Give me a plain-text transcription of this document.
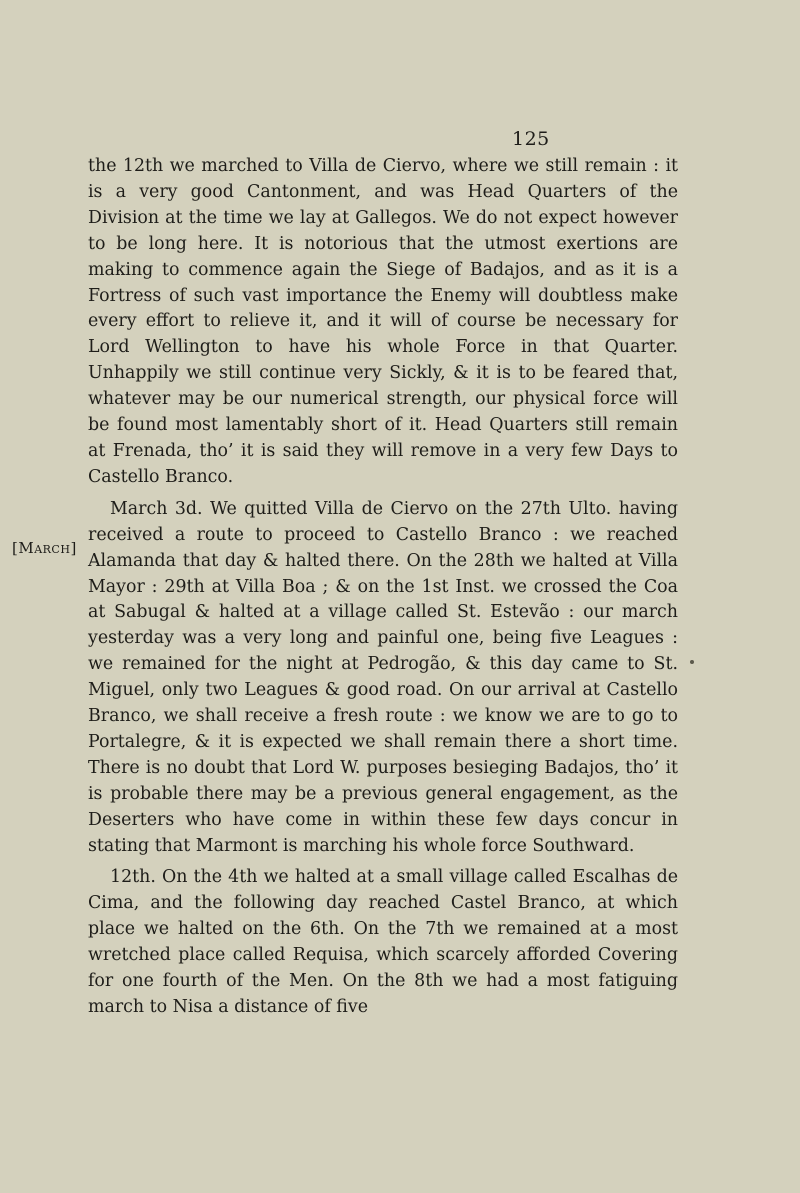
125
[March]

the 12th we marched to Villa de Ciervo, where we still remain : it is a very good Cantonment, and was Head Quarters of the Division at the time we lay at Gallegos. We do not expect however to be long here. It is notorious that the utmost exertions are making to commence again the Siege of Badajos, and as it is a Fortress of such vast importance the Enemy will doubtless make every effort to relieve it, and it will of course be necessary for Lord Wellington to have his whole Force in that Quarter. Unhappily we still continue very Sickly, & it is to be feared that, whatever may be our numerical strength, our physical force will be found most lamentably short of it. Head Quarters still remain at Frenada, tho’ it is said they will remove in a very few Days to Castello Branco.

March 3d. We quitted Villa de Ciervo on the 27th Ulto. having received a route to proceed to Castello Branco : we reached Alamanda that day & halted there. On the 28th we halted at Villa Mayor : 29th at Villa Boa ; & on the 1st Inst. we crossed the Coa at Sabugal & halted at a village called St. Estevão : our march yesterday was a very long and painful one, being five Leagues : we remained for the night at Pedrogão, & this day came to St. Miguel, only two Leagues & good road. On our arrival at Castello Branco, we shall receive a fresh route : we know we are to go to Portalegre, & it is expected we shall remain there a short time. There is no doubt that Lord W. purposes besieging Badajos, tho’ it is probable there may be a previous general engagement, as the Deserters who have come in within these few days concur in stating that Marmont is marching his whole force Southward.

12th. On the 4th we halted at a small village called Escalhas de Cima, and the following day reached Castel Branco, at which place we halted on the 6th. On the 7th we remained at a most wretched place called Requisa, which scarcely afforded Covering for one fourth of the Men. On the 8th we had a most fatiguing march to Nisa a distance of five
